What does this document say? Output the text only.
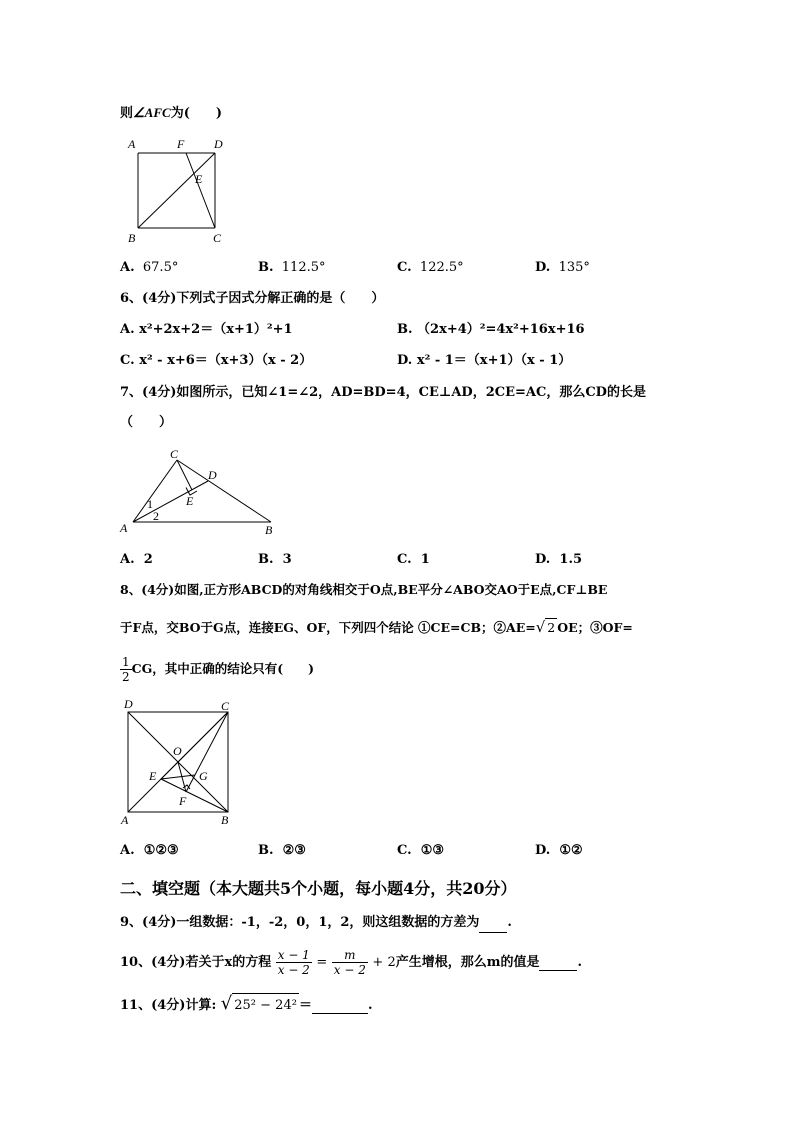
则∠AFC为(　　)
A	F D
E
B	C
A. 67.5°	B. 112.5°	C. 122.5°	D. 135°
6、(4分)下列式子因式分解正确的是（　　）
A. x²+2x+2＝（x+1）²+1	B. （2x+4）²=4x²+16x+16
C. x² - x+6＝（x+3）（x - 2）	D. x² - 1＝（x+1）（x - 1）
7、(4分)如图所示，已知∠1=∠2，AD=BD=4，CE⊥AD，2CE=AC，那么CD的长是
（　　）
C
D
E
A	B
1
2
A. 2	B. 3	C. 1	D. 1.5
8、(4分)如图,正方形ABCD的对角线相交于O点,BE平分∠ABO交AO于E点,CF⊥BE
于F点，交BO于G点，连接EG、OF，下列四个结论 ①CE=CB；②AE=√ 2 OE；③OF=
$\frac{1}{2}$ CG，其中正确的结论只有(　　)
D	C
O
E	G
F
A	B
A. ①②③	B. ②③	C. ①③	D. ①②
二、填空题（本大题共5个小题，每小题4分，共20分）
9、(4分)一组数据：-1，-2，0，1，2，则这组数据的方差为 .
10、(4分)若关于x的方程 $\frac{x - 1}{x - 2} = \frac{m}{x - 2} + 2$产生增根，那么m的值是	.
11、(4分)计算: √ 25² − 24² ＝	.
